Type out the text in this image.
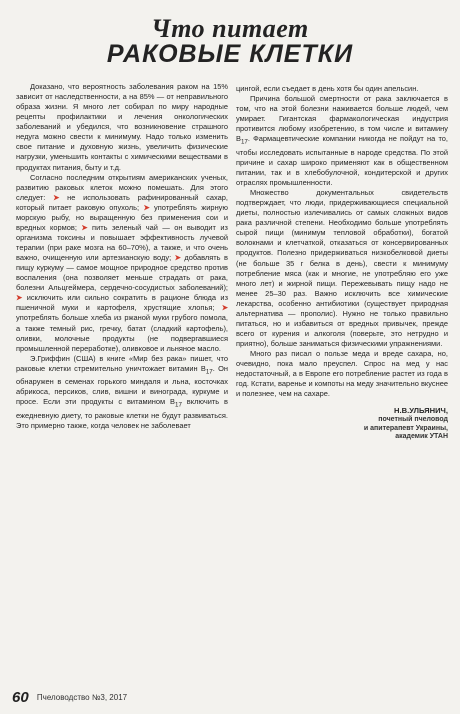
Что питает
РАКОВЫЕ КЛЕТКИ

Доказано, что вероятность заболевания раком на 15% зависит от наследственности, а на 85% — от неправильного образа жизни. Я много лет собирал по миру народные рецепты профилактики и лечения онкологических заболеваний и убедился, что возникновение страшного недуга можно свести к минимуму. Надо только изменить свое питание и духовную жизнь, увеличить физические нагрузки, уменьшить контакты с химическими веществами в продуктах питания, быту и т.д.

Согласно последним открытиям американских ученых, развитию раковых клеток можно помешать. Для этого следует: ➤ не использовать рафинированный сахар, который питает раковую опухоль; ➤ употреблять жирную морскую рыбу, но выращенную без применения сои и вредных кормов; ➤ пить зеленый чай — он выводит из организма токсины и повышает эффективность лучевой терапии (при раке мозга на 60–70%), а также, и что очень важно, очищенную или артезианскую воду; ➤ добавлять в пищу куркуму — самое мощное природное средство против воспаления (она позволяет меньше страдать от рака, болезни Альцгеймера, сердечно-сосудистых заболеваний); ➤ исключить или сильно сократить в рационе блюда из пшеничной муки и картофеля, хрустящие хлопья; ➤ употреблять больше хлеба из ржаной муки грубого помола, а также темный рис, гречку, батат (сладкий картофель), оливки, молочные продукты (не подвергавшиеся промышленной переработке), оливковое и льняное масло.

Э.Гриффин (США) в книге «Мир без рака» пишет, что раковые клетки стремительно уничтожает витамин $В_{17}$. Он обнаружен в семенах горького миндаля и льна, косточках абрикоса, персиков, слив, вишни и винограда, куркуме и просе. Если эти продукты с витамином $В_{17}$ включить в ежедневную диету, то раковые клетки не будут развиваться. Это примерно также, когда человек не заболевает

цингой, если съедает в день хотя бы один апельсин.

Причина большой смертности от рака заключается в том, что на этой болезни наживается больше людей, чем умирает. Гигантская фармакологическая индустрия противится любому изобретению, в том числе и витамину $В_{17}$. Фармацевтические компании никогда не пойдут на то, чтобы исследовать испытанные в народе средства. По этой причине и сахар широко применяют как в общественном питании, так и в хлебобулочной, кондитерской и других отраслях промышленности.

Множество документальных свидетельств подтверждает, что люди, придерживающиеся специальной диеты, полностью излечивались от самых сложных видов рака различной степени. Необходимо больше употреблять сырой пищи (минимум тепловой обработки), богатой волокнами и клетчаткой, отказаться от консервированных продуктов. Полезно придерживаться низкобелковой диеты (не больше 35 г белка в день), свести к минимуму потребление мяса (как и многие, не употребляю его уже много лет) и жирной пищи. Пережевывать пищу надо не менее 25–30 раз. Важно исключить все химические лекарства, особенно антибиотики (существует природная альтернатива — прополис). Нужно не только правильно питаться, но и избавиться от вредных привычек, прежде всего от курения и алкоголя (поверьте, это нетрудно и приятно), больше заниматься физическими упражнениями.

Много раз писал о пользе меда и вреде сахара, но, очевидно, пока мало преуспел. Спрос на мед у нас недостаточный, а в Европе его потребление растет из года в год. Кстати, варенье и компоты на меду значительно вкуснее и полезнее, чем на сахаре.

Н.В.УЛЬЯНИЧ,
почетный пчеловод
и апитерапевт Украины,
академик УТАН
60 Пчеловодство №3, 2017
